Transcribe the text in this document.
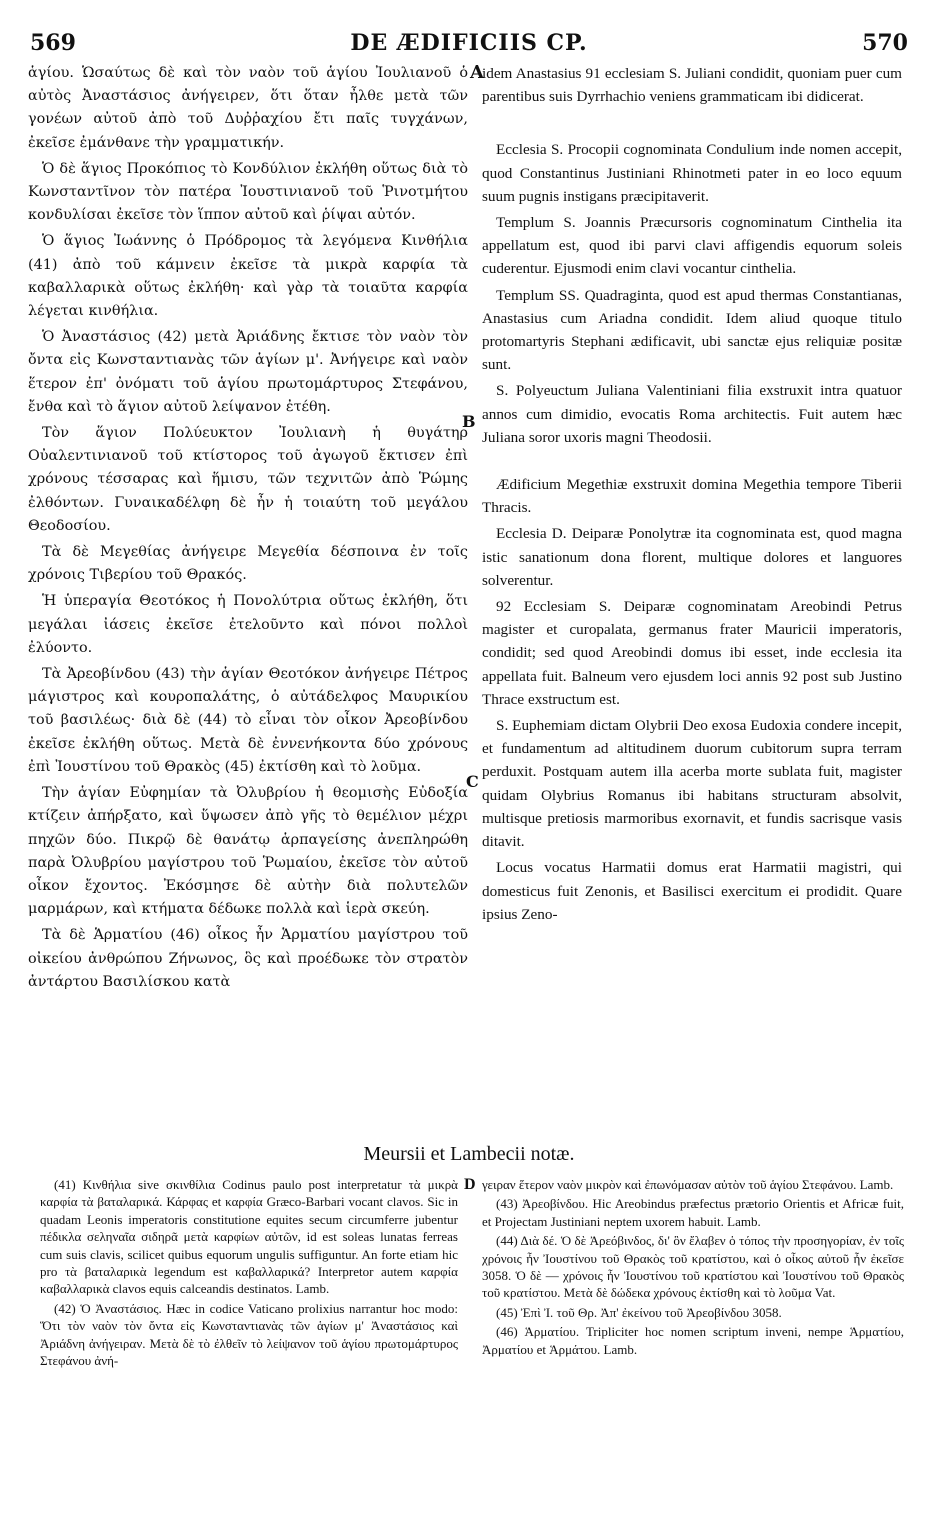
569	DE ÆDIFICIIS CP.	570
A
B
C

ἁγίου. Ὡσαύτως δὲ καὶ τὸν ναὸν τοῦ ἁγίου Ἰουλιανοῦ ὁ αὐτὸς Ἀναστάσιος ἀνήγειρεν, ὅτι ὅταν ἦλθε μετὰ τῶν γονέων αὐτοῦ ἀπὸ τοῦ Δυῤῥαχίου ἔτι παῖς τυγχάνων, ἐκεῖσε ἐμάνθανε τὴν γραμματικήν.

Ὁ δὲ ἅγιος Προκόπιος τὸ Κονδύλιον ἐκλήθη οὕτως διὰ τὸ Κωνσταντῖνον τὸν πατέρα Ἰουστινιανοῦ τοῦ Ῥινοτμήτου κονδυλίσαι ἐκεῖσε τὸν ἵππον αὐτοῦ καὶ ῥίψαι αὐτόν.

Ὁ ἅγιος Ἰωάννης ὁ Πρόδρομος τὰ λεγόμενα Κινθήλια (41) ἀπὸ τοῦ κάμνειν ἐκεῖσε τὰ μικρὰ καρφία τὰ καβαλλαρικὰ οὕτως ἐκλήθη· καὶ γὰρ τὰ τοιαῦτα καρφία λέγεται κινθήλια.

Ὁ Ἀναστάσιος (42) μετὰ Ἀριάδνης ἔκτισε τὸν ναὸν τὸν ὄντα εἰς Κωνσταντιανὰς τῶν ἁγίων μ'. Ἀνήγειρε καὶ ναὸν ἕτερον ἐπ' ὀνόματι τοῦ ἁγίου πρωτομάρτυρος Στεφάνου, ἔνθα καὶ τὸ ἅγιον αὐτοῦ λείψανον ἐτέθη.

Τὸν ἅγιον Πολύευκτον Ἰουλιανὴ ἡ θυγάτηρ Οὐαλεντινιανοῦ τοῦ κτίστορος τοῦ ἀγωγοῦ ἔκτισεν ἐπὶ χρόνους τέσσαρας καὶ ἥμισυ, τῶν τεχνιτῶν ἀπὸ Ῥώμης ἐλθόντων. Γυναικαδέλφη δὲ ἦν ἡ τοιαύτη τοῦ μεγάλου Θεοδοσίου.

Τὰ δὲ Μεγεθίας ἀνήγειρε Μεγεθία δέσποινα ἐν τοῖς χρόνοις Τιβερίου τοῦ Θρακός.

Ἡ ὑπεραγία Θεοτόκος ἡ Πονολύτρια οὕτως ἐκλήθη, ὅτι μεγάλαι ἰάσεις ἐκεῖσε ἐτελοῦντο καὶ πόνοι πολλοὶ ἐλύοντο.

Τὰ Ἀρεοβίνδου (43) τὴν ἁγίαν Θεοτόκον ἀνήγειρε Πέτρος μάγιστρος καὶ κουροπαλάτης, ὁ αὐτάδελφος Μαυρικίου τοῦ βασιλέως· διὰ δὲ (44) τὸ εἶναι τὸν οἶκον Ἀρεοβίνδου ἐκεῖσε ἐκλήθη οὕτως. Μετὰ δὲ ἐννενήκοντα δύο χρόνους ἐπὶ Ἰουστίνου τοῦ Θρακὸς (45) ἐκτίσθη καὶ τὸ λοῦμα.

Τὴν ἁγίαν Εὐφημίαν τὰ Ὀλυβρίου ἡ θεομισὴς Εὐδοξία κτίζειν ἀπήρξατο, καὶ ὕψωσεν ἀπὸ γῆς τὸ θεμέλιον μέχρι πηχῶν δύο. Πικρῷ δὲ θανάτῳ ἁρπαγείσης ἀνεπληρώθη παρὰ Ὀλυβρίου μαγίστρου τοῦ Ῥωμαίου, ἐκεῖσε τὸν αὐτοῦ οἶκον ἔχοντος. Ἐκόσμησε δὲ αὐτὴν διὰ πολυτελῶν μαρμάρων, καὶ κτήματα δέδωκε πολλὰ καὶ ἱερὰ σκεύη.

Τὰ δὲ Ἁρματίου (46) οἶκος ἦν Ἁρματίου μαγίστρου τοῦ οἰκείου ἀνθρώπου Ζήνωνος, ὃς καὶ προέδωκε τὸν στρατὸν ἀντάρτου Βασιλίσκου κατὰ

idem Anastasius 91 ecclesiam S. Juliani condidit, quoniam puer cum parentibus suis Dyrrhachio veniens grammaticam ibi didicerat.

Ecclesia S. Procopii cognominata Condulium inde nomen accepit, quod Constantinus Justiniani Rhinotmeti pater in eo loco equum suum pugnis instigans præcipitaverit.

Templum S. Joannis Præcursoris cognominatum Cinthelia ita appellatum est, quod ibi parvi clavi affigendis equorum soleis cuderentur. Ejusmodi enim clavi vocantur cinthelia.

Templum SS. Quadraginta, quod est apud thermas Constantianas, Anastasius cum Ariadna condidit. Idem aliud quoque titulo protomartyris Stephani ædificavit, ubi sanctæ ejus reliquiæ positæ sunt.

S. Polyeuctum Juliana Valentiniani filia exstruxit intra quatuor annos cum dimidio, evocatis Roma architectis. Fuit autem hæc Juliana soror uxoris magni Theodosii.

Ædificium Megethiæ exstruxit domina Megethia tempore Tiberii Thracis.

Ecclesia D. Deiparæ Ponolytræ ita cognominata est, quod magna istic sanationum dona florent, multique dolores et languores solverentur.

92 Ecclesiam S. Deiparæ cognominatam Areobindi Petrus magister et curopalata, germanus frater Mauricii imperatoris, condidit; sed quod Areobindi domus ibi esset, inde ecclesia ita appellata fuit. Balneum vero ejusdem loci annis 92 post sub Justino Thrace exstructum est.

S. Euphemiam dictam Olybrii Deo exosa Eudoxia condere incepit, et fundamentum ad altitudinem duorum cubitorum supra terram perduxit. Postquam autem illa acerba morte sublata fuit, magister quidam Olybrius Romanus ibi habitans structuram absolvit, multisque pretiosis marmoribus exornavit, et fundis sacrisque vasis ditavit.

Locus vocatus Harmatii domus erat Harmatii magistri, qui domesticus fuit Zenonis, et Basilisci exercitum ei prodidit. Quare ipsius Zeno-

Meursii et Lambecii notæ.
D

(41) Κινθήλια sive σκινθίλια Codinus paulo post interpretatur τὰ μικρὰ καρφία τὰ βαταλαρικά. Κάρφας et καρφία Græco-Barbari vocant clavos. Sic in quadam Leonis imperatoris constitutione equites secum circumferre jubentur πέδικλα σεληναῖα σιδηρᾶ μετὰ καρφίων αὐτῶν, id est soleas lunatas ferreas cum suis clavis, scilicet quibus equorum ungulis suffiguntur. An forte etiam hic pro τὰ βαταλαρικὰ legendum est καβαλλαρικά? Interpretor autem καρφία καβαλλαρικὰ clavos equis calceandis destinatos. Lamb.

(42) Ὁ Ἀναστάσιος. Hæc in codice Vaticano prolixius narrantur hoc modo: Ὅτι τὸν ναὸν τὸν ὄντα εἰς Κωνσταντιανὰς τῶν ἁγίων μ' Ἀναστάσιος καὶ Ἀριάδνη ἀνήγειραν. Μετὰ δὲ τὸ ἐλθεῖν τὸ λείψανον τοῦ ἁγίου πρωτομάρτυρος Στεφάνου ἀνή-

γειραν ἕτερον ναὸν μικρὸν καὶ ἐπωνόμασαν αὐτὸν τοῦ ἁγίου Στεφάνου. Lamb.

(43) Ἀρεοβίνδου. Hic Areobindus præfectus prætorio Orientis et Africæ fuit, et Projectam Justiniani neptem uxorem habuit. Lamb.

(44) Διὰ δέ. Ὁ δὲ Ἀρεόβινδος, δι' ὃν ἔλαβεν ὁ τόπος τὴν προσηγορίαν, ἐν τοῖς χρόνοις ἦν Ἰουστίνου τοῦ Θρακὸς τοῦ κρατίστου, καὶ ὁ οἶκος αὐτοῦ ἦν ἐκεῖσε 3058. Ὁ δὲ — χρόνοις ἦν Ἰουστίνου τοῦ κρατίστου καὶ Ἰουστίνου τοῦ Θρακὸς τοῦ κρατίστου. Μετὰ δὲ δώδεκα χρόνους ἐκτίσθη καὶ τὸ λοῦμα Vat.

(45) Ἐπὶ Ἰ. τοῦ Θρ. Ἀπ' ἐκείνου τοῦ Ἀρεοβίνδου 3058.

(46) Ἁρματίου. Tripliciter hoc nomen scriptum inveni, nempe Ἁρματίου, Ἀρματίου et Ἁρμάτου. Lamb.
